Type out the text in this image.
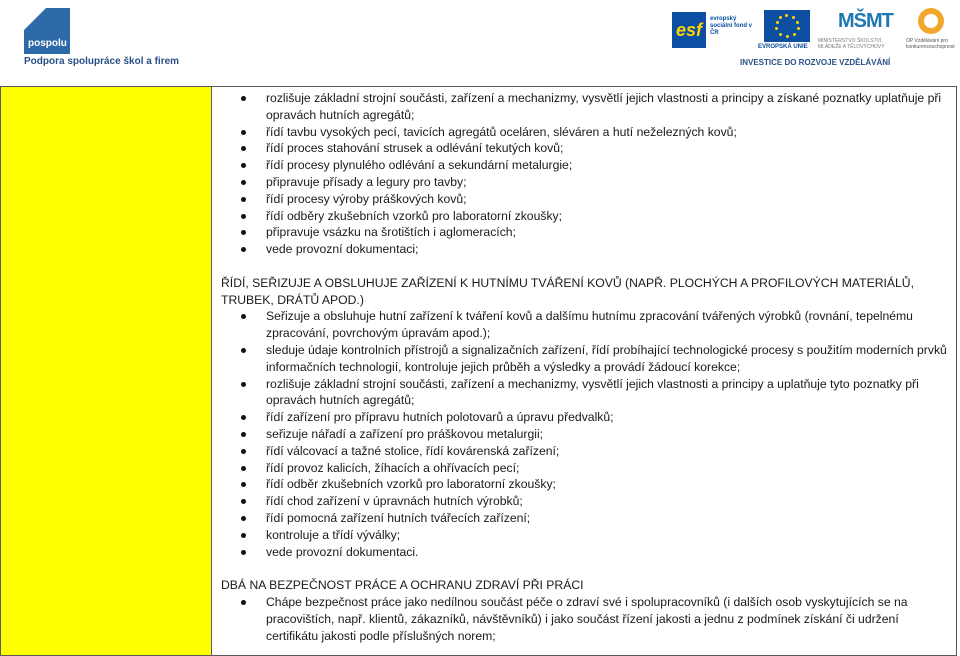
pospolu
Podpora spolupráce škol a firem
esf
evropský sociální fond v ČR
EVROPSKÁ UNIE
MŠMT
MINISTERSTVO ŠKOLSTVÍ, MLÁDEŽE A TĚLOVÝCHOVY
OP Vzdělávání pro konkurenceschopnost
INVESTICE DO ROZVOJE VZDĚLÁVÁNÍ
rozlišuje základní strojní součásti, zařízení a mechanizmy, vysvětlí jejich vlastnosti a principy a získané poznatky uplatňuje při opravách hutních agregátů;
řídí tavbu vysokých pecí, tavicích agregátů oceláren, sléváren a hutí neželezných kovů;
řídí proces stahování strusek a odlévání tekutých kovů;
řídí procesy plynulého odlévání a sekundární metalurgie;
připravuje přísady a legury pro tavby;
řídí procesy výroby práškových kovů;
řídí odběry zkušebních vzorků pro laboratorní zkoušky;
připravuje vsázku na šrotištích i aglomeracích;
vede provozní dokumentaci;
ŘÍDÍ, SEŘIZUJE A OBSLUHUJE ZAŘÍZENÍ K HUTNÍMU TVÁŘENÍ KOVŮ (NAPŘ. PLOCHÝCH A PROFILOVÝCH MATERIÁLŮ, TRUBEK, DRÁTŮ APOD.)
Seřizuje a obsluhuje hutní zařízení k tváření kovů a dalšímu hutnímu zpracování tvářených výrobků (rovnání, tepelnému zpracování, povrchovým úpravám apod.);
sleduje údaje kontrolních přístrojů a signalizačních zařízení, řídí probíhající technologické procesy s použitím moderních prvků informačních technologií, kontroluje jejich průběh a výsledky a provádí žádoucí korekce;
rozlišuje základní strojní součásti, zařízení a mechanizmy, vysvětlí jejich vlastnosti a principy a uplatňuje tyto poznatky při opravách hutních agregátů;
řídí zařízení pro přípravu hutních polotovarů a úpravu předvalků;
seřizuje nářadí a zařízení pro práškovou metalurgii;
řídí válcovací a tažné stolice, řídí kovárenská zařízení;
řídí provoz kalicích, žíhacích a ohřívacích pecí;
řídí odběr zkušebních vzorků pro laboratorní zkoušky;
řídí chod zařízení v úpravnách hutních výrobků;
řídí pomocná zařízení hutních tvářecích zařízení;
kontroluje a třídí výválky;
vede provozní dokumentaci.
DBÁ NA BEZPEČNOST PRÁCE A OCHRANU ZDRAVÍ PŘI PRÁCI
Chápe bezpečnost práce jako nedílnou součást péče o zdraví své i spolupracovníků (i dalších osob vyskytujících se na pracovištích, např. klientů, zákazníků, návštěvníků) i jako součást řízení jakosti a jednu z podmínek získání či udržení certifikátu jakosti podle příslušných norem;
